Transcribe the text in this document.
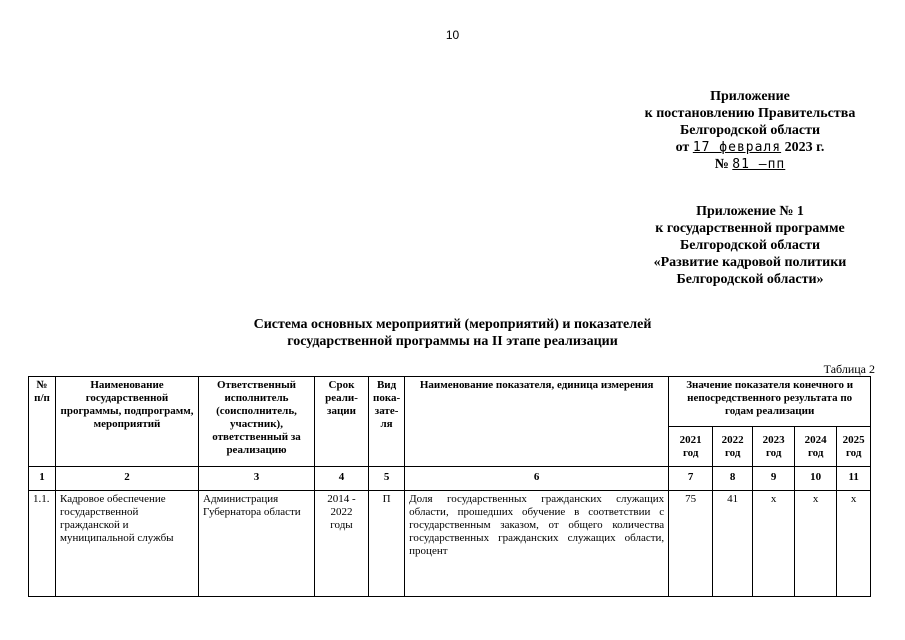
10
Приложение
к постановлению Правительства
Белгородской области
от 17 февраля 2023 г.
№ 81 –пп
Приложение № 1
к государственной программе
Белгородской области
«Развитие кадровой политики
Белгородской области»
Система основных мероприятий (мероприятий) и показателей
государственной программы на II этапе реализации
Таблица 2
№ п/п	Наименование государственной программы, подпрограмм, мероприятий	Ответственный исполнитель (соисполнитель, участник), ответственный за реализацию	Срок реали-зации	Вид пока-зате-ля	Наименование показателя, единица измерения	Значение показателя конечного и непосредственного результата по годам реализации				
						2021 год	2022 год	2023 год	2024 год	2025 год
1	2	3	4	5	6	7	8	9	10	11
1.1.	Кадровое обеспечение государственной гражданской и муниципальной службы	Администрация Губернатора области	2014 - 2022 годы	П	Доля государственных гражданских служащих области, прошедших обучение в соответствии с государственным заказом, от общего количества государственных гражданских служащих области, процент	75	41	х	х	х
